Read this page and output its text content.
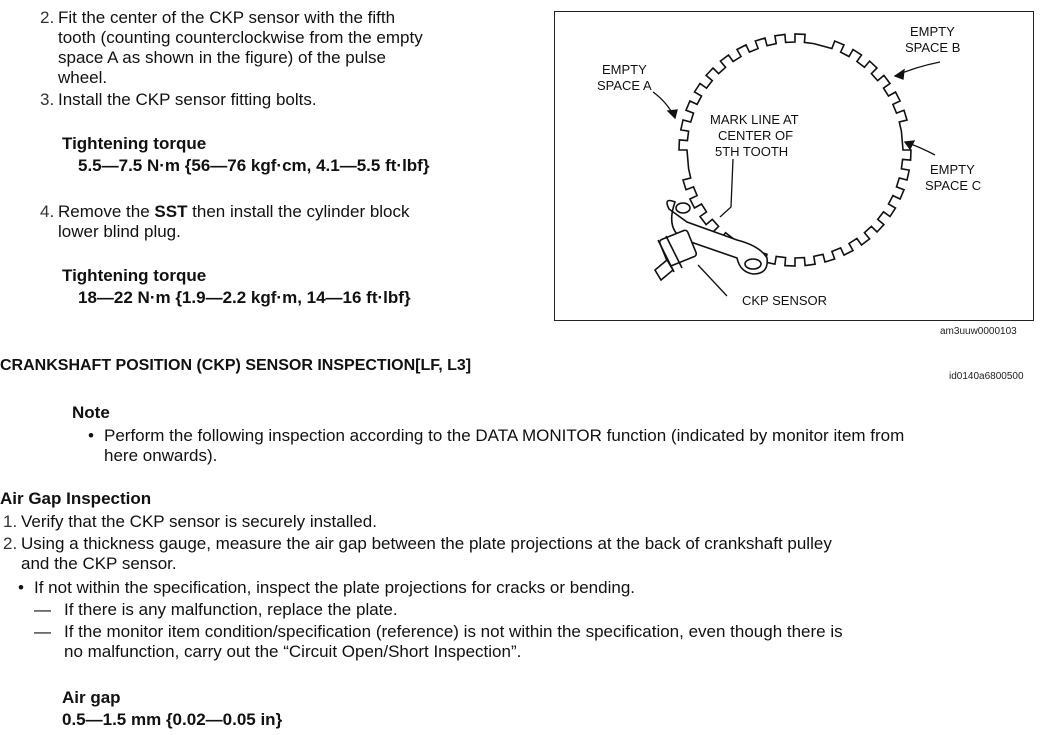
2. Fit the center of the CKP sensor with the fifth
tooth (counting counterclockwise from the empty
space A as shown in the figure) of the pulse
wheel.
3. Install the CKP sensor fitting bolts.
Tightening torque
5.5—7.5 N·m {56—76 kgf·cm, 4.1—5.5 ft·lbf}
4. Remove the SST then install the cylinder block
lower blind plug.
Tightening torque
18—22 N·m {1.9—2.2 kgf·m, 14—16 ft·lbf}
EMPTY
SPACE A
EMPTY
SPACE B
EMPTY
SPACE C
MARK LINE AT
CENTER OF
5TH TOOTH
CKP SENSOR
am3uuw0000103
CRANKSHAFT POSITION (CKP) SENSOR INSPECTION[LF, L3]
id0140a6800500
Note
• Perform the following inspection according to the DATA MONITOR function (indicated by monitor item from
here onwards).
Air Gap Inspection
1. Verify that the CKP sensor is securely installed.
2. Using a thickness gauge, measure the air gap between the plate projections at the back of crankshaft pulley
and the CKP sensor.
• If not within the specification, inspect the plate projections for cracks or bending.
— If there is any malfunction, replace the plate.
— If the monitor item condition/specification (reference) is not within the specification, even though there is
no malfunction, carry out the “Circuit Open/Short Inspection”.
Air gap
0.5—1.5 mm {0.02—0.05 in}
